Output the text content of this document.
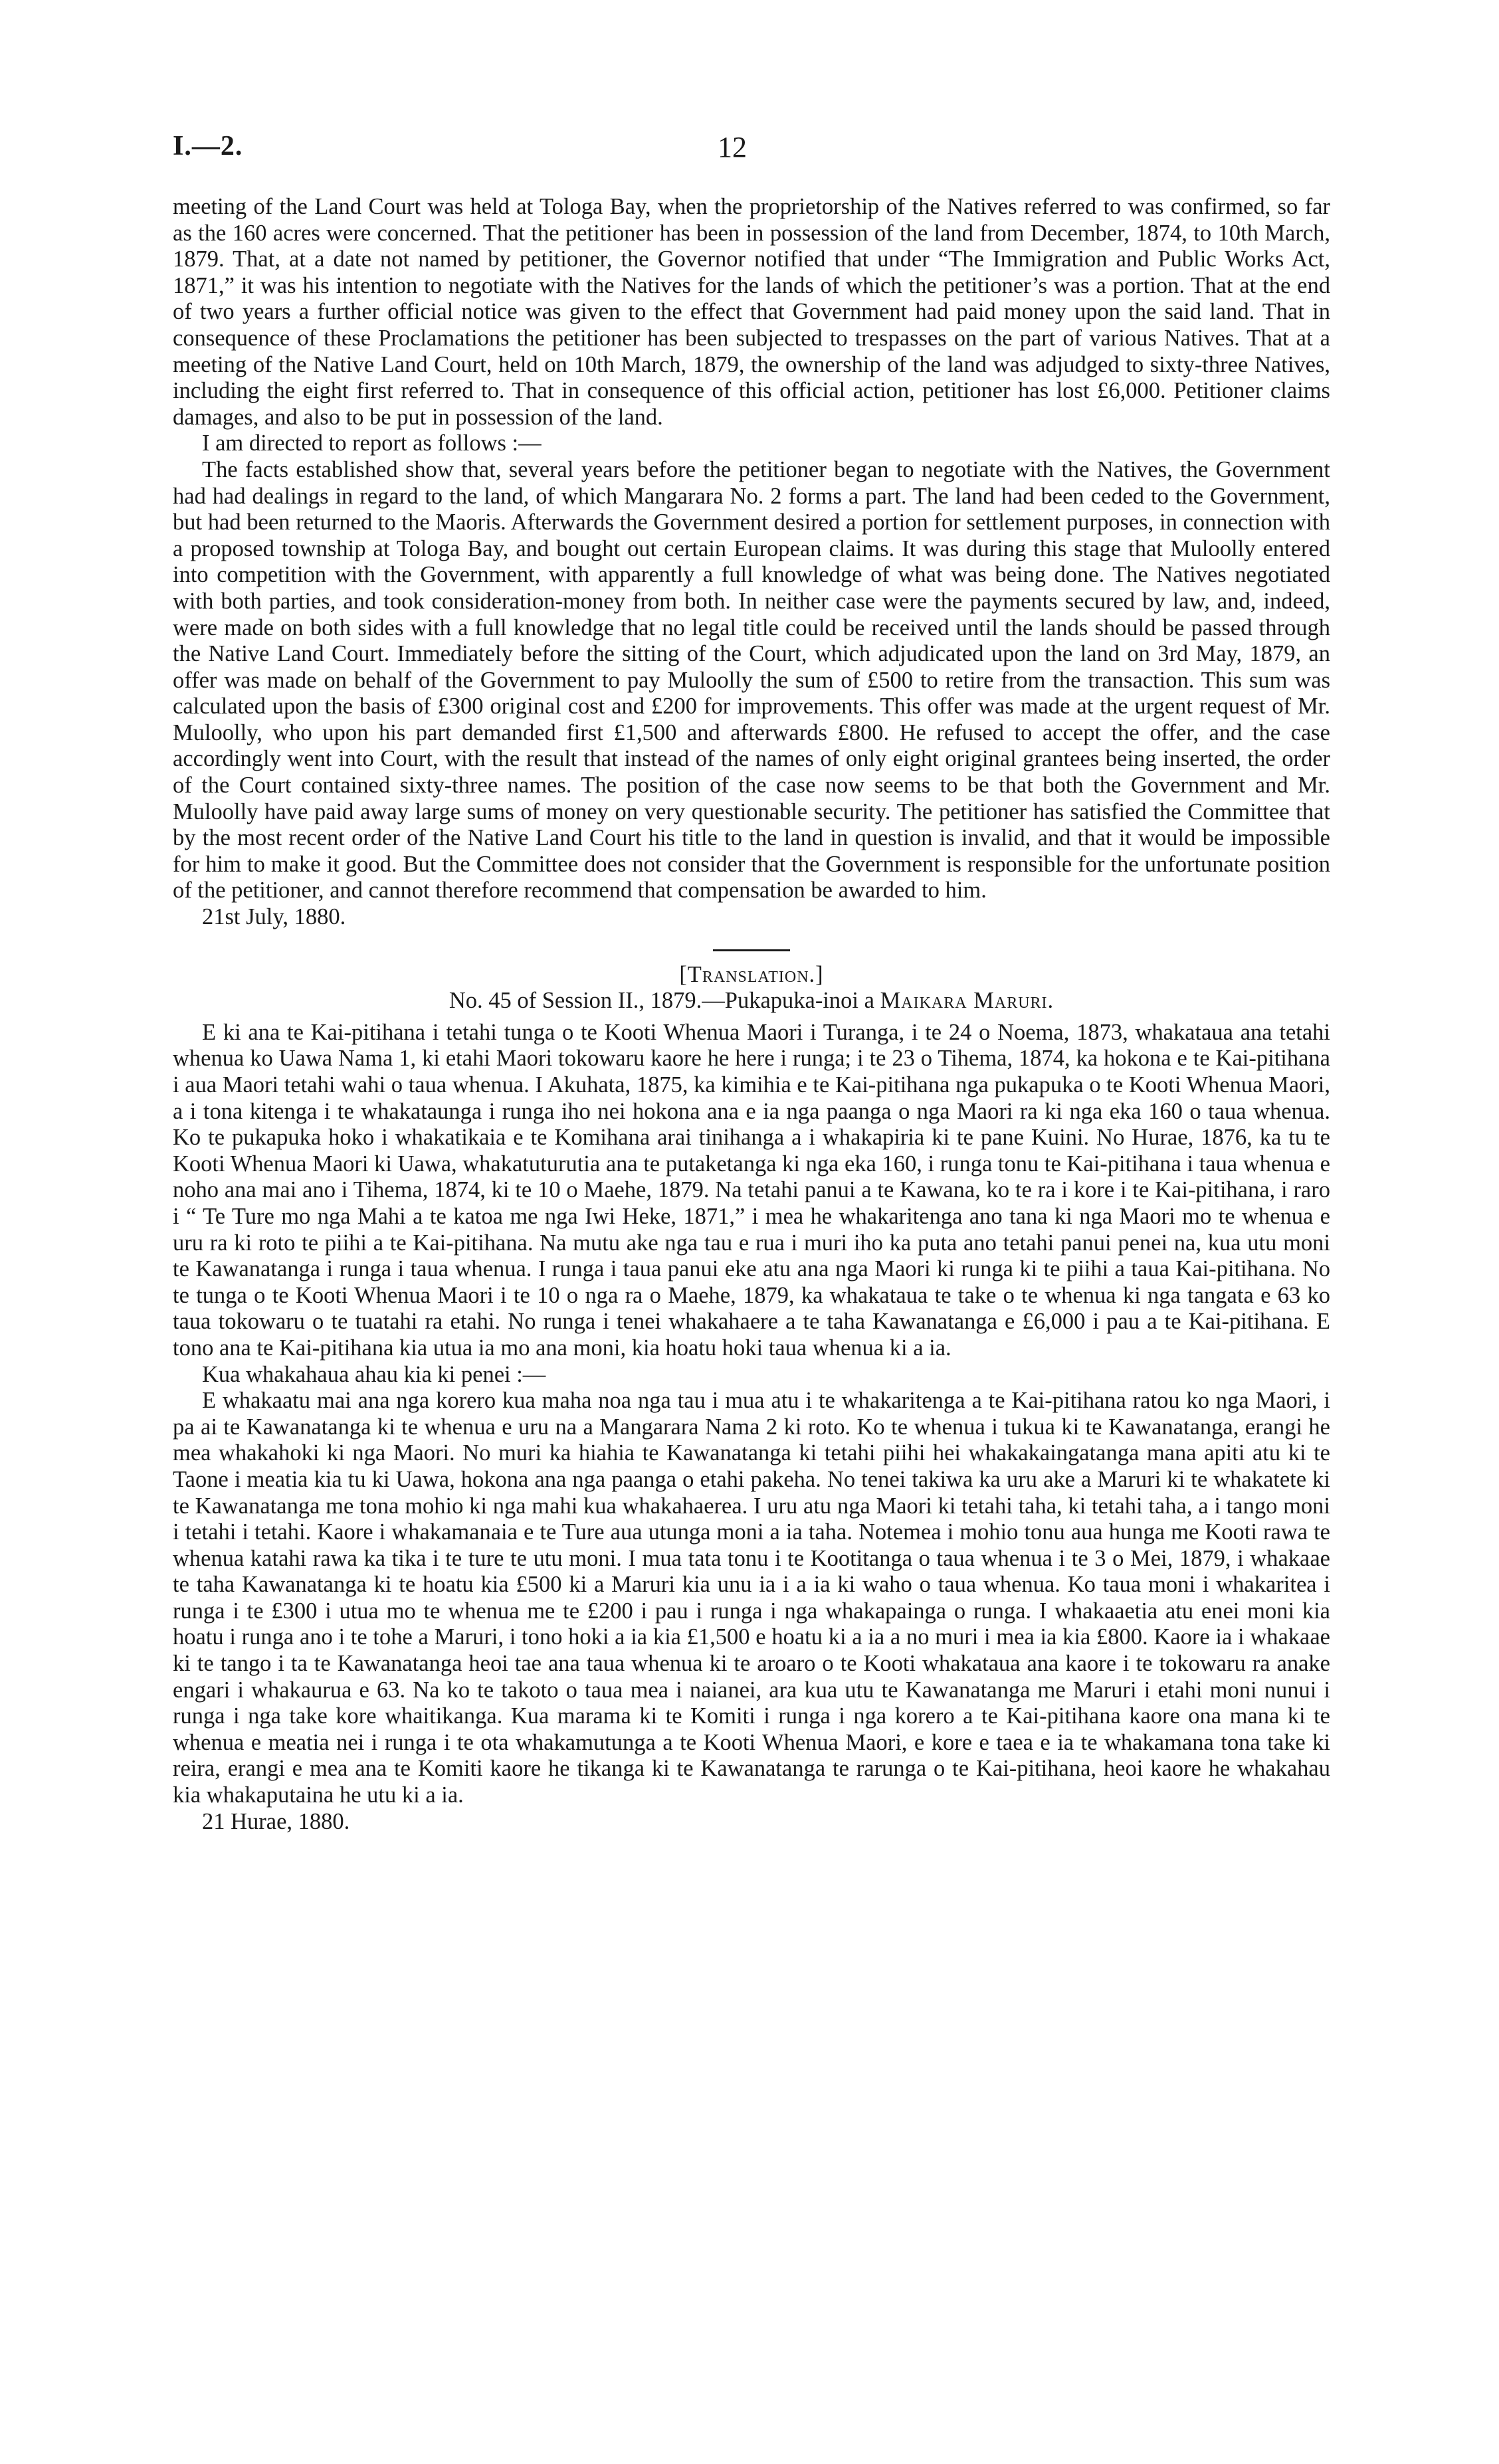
I.—2.	12

meeting of the Land Court was held at Tologa Bay, when the proprietorship of the Natives referred to was confirmed, so far as the 160 acres were concerned. That the petitioner has been in possession of the land from December, 1874, to 10th March, 1879. That, at a date not named by petitioner, the Governor notified that under “The Immigration and Public Works Act, 1871,” it was his intention to negotiate with the Natives for the lands of which the petitioner’s was a portion. That at the end of two years a further official notice was given to the effect that Government had paid money upon the said land. That in consequence of these Proclamations the petitioner has been subjected to trespasses on the part of various Natives. That at a meeting of the Native Land Court, held on 10th March, 1879, the ownership of the land was adjudged to sixty-three Natives, including the eight first referred to. That in consequence of this official action, petitioner has lost £6,000. Petitioner claims damages, and also to be put in possession of the land.

I am directed to report as follows :—

The facts established show that, several years before the petitioner began to negotiate with the Natives, the Government had had dealings in regard to the land, of which Mangarara No. 2 forms a part. The land had been ceded to the Government, but had been returned to the Maoris. Afterwards the Government desired a portion for settlement purposes, in connection with a proposed township at Tologa Bay, and bought out certain European claims. It was during this stage that Muloolly entered into competition with the Government, with apparently a full knowledge of what was being done. The Natives negotiated with both parties, and took consideration-money from both. In neither case were the payments secured by law, and, indeed, were made on both sides with a full knowledge that no legal title could be received until the lands should be passed through the Native Land Court. Immediately before the sitting of the Court, which adjudicated upon the land on 3rd May, 1879, an offer was made on behalf of the Government to pay Muloolly the sum of £500 to retire from the transaction. This sum was calculated upon the basis of £300 original cost and £200 for improvements. This offer was made at the urgent request of Mr. Muloolly, who upon his part demanded first £1,500 and afterwards £800. He refused to accept the offer, and the case accordingly went into Court, with the result that instead of the names of only eight original grantees being inserted, the order of the Court contained sixty-three names. The position of the case now seems to be that both the Government and Mr. Muloolly have paid away large sums of money on very questionable security. The petitioner has satisfied the Committee that by the most recent order of the Native Land Court his title to the land in question is invalid, and that it would be impossible for him to make it good. But the Committee does not consider that the Government is responsible for the unfortunate position of the petitioner, and cannot therefore recommend that compensation be awarded to him.

21st July, 1880.

[Translation.]

No. 45 of Session II., 1879.—Pukapuka-inoi a Maikara Maruri.

E ki ana te Kai-pitihana i tetahi tunga o te Kooti Whenua Maori i Turanga, i te 24 o Noema, 1873, whakataua ana tetahi whenua ko Uawa Nama 1, ki etahi Maori tokowaru kaore he here i runga; i te 23 o Tihema, 1874, ka hokona e te Kai-pitihana i aua Maori tetahi wahi o taua whenua. I Akuhata, 1875, ka kimihia e te Kai-pitihana nga pukapuka o te Kooti Whenua Maori, a i tona kitenga i te whakataunga i runga iho nei hokona ana e ia nga paanga o nga Maori ra ki nga eka 160 o taua whenua. Ko te pukapuka hoko i whakatikaia e te Komihana arai tinihanga a i whakapiria ki te pane Kuini. No Hurae, 1876, ka tu te Kooti Whenua Maori ki Uawa, whakatuturutia ana te putaketanga ki nga eka 160, i runga tonu te Kai-pitihana i taua whenua e noho ana mai ano i Tihema, 1874, ki te 10 o Maehe, 1879. Na tetahi panui a te Kawana, ko te ra i kore i te Kai-pitihana, i raro i “ Te Ture mo nga Mahi a te katoa me nga Iwi Heke, 1871,” i mea he whakaritenga ano tana ki nga Maori mo te whenua e uru ra ki roto te piihi a te Kai-pitihana. Na mutu ake nga tau e rua i muri iho ka puta ano tetahi panui penei na, kua utu moni te Kawanatanga i runga i taua whenua. I runga i taua panui eke atu ana nga Maori ki runga ki te piihi a taua Kai-pitihana. No te tunga o te Kooti Whenua Maori i te 10 o nga ra o Maehe, 1879, ka whakataua te take o te whenua ki nga tangata e 63 ko taua tokowaru o te tuatahi ra etahi. No runga i tenei whakahaere a te taha Kawanatanga e £6,000 i pau a te Kai-pitihana. E tono ana te Kai-pitihana kia utua ia mo ana moni, kia hoatu hoki taua whenua ki a ia.

Kua whakahaua ahau kia ki penei :—

E whakaatu mai ana nga korero kua maha noa nga tau i mua atu i te whakaritenga a te Kai-pitihana ratou ko nga Maori, i pa ai te Kawanatanga ki te whenua e uru na a Mangarara Nama 2 ki roto. Ko te whenua i tukua ki te Kawanatanga, erangi he mea whakahoki ki nga Maori. No muri ka hiahia te Kawanatanga ki tetahi piihi hei whakakaingatanga mana apiti atu ki te Taone i meatia kia tu ki Uawa, hokona ana nga paanga o etahi pakeha. No tenei takiwa ka uru ake a Maruri ki te whakatete ki te Kawanatanga me tona mohio ki nga mahi kua whakahaerea. I uru atu nga Maori ki tetahi taha, ki tetahi taha, a i tango moni i tetahi i tetahi. Kaore i whakamanaia e te Ture aua utunga moni a ia taha. Notemea i mohio tonu aua hunga me Kooti rawa te whenua katahi rawa ka tika i te ture te utu moni. I mua tata tonu i te Kootitanga o taua whenua i te 3 o Mei, 1879, i whakaae te taha Kawanatanga ki te hoatu kia £500 ki a Maruri kia unu ia i a ia ki waho o taua whenua. Ko taua moni i whakaritea i runga i te £300 i utua mo te whenua me te £200 i pau i runga i nga whakapainga o runga. I whakaaetia atu enei moni kia hoatu i runga ano i te tohe a Maruri, i tono hoki a ia kia £1,500 e hoatu ki a ia a no muri i mea ia kia £800. Kaore ia i whakaae ki te tango i ta te Kawanatanga heoi tae ana taua whenua ki te aroaro o te Kooti whakataua ana kaore i te tokowaru ra anake engari i whakaurua e 63. Na ko te takoto o taua mea i naianei, ara kua utu te Kawanatanga me Maruri i etahi moni nunui i runga i nga take kore whaitikanga. Kua marama ki te Komiti i runga i nga korero a te Kai-pitihana kaore ona mana ki te whenua e meatia nei i runga i te ota whakamutunga a te Kooti Whenua Maori, e kore e taea e ia te whakamana tona take ki reira, erangi e mea ana te Komiti kaore he tikanga ki te Kawanatanga te rarunga o te Kai-pitihana, heoi kaore he whakahau kia whakaputaina he utu ki a ia.

21 Hurae, 1880.
